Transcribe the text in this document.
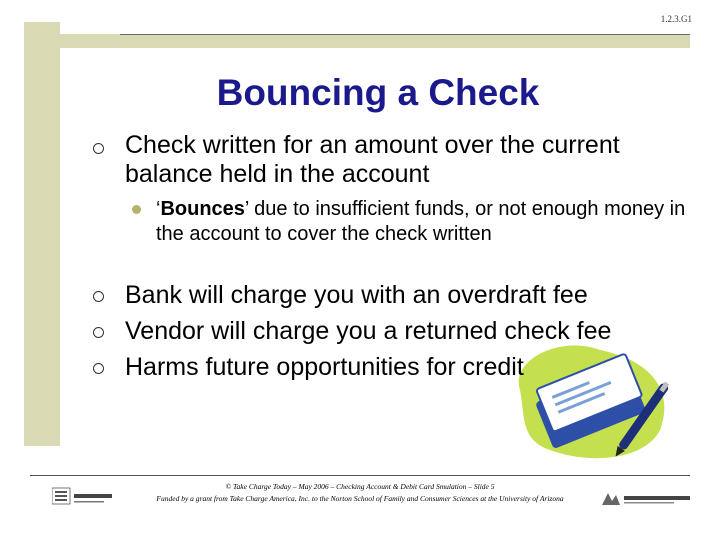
1.2.3.G1
Bouncing a Check
Check written for an amount over the current balance held in the account
‘Bounces’ due to insufficient funds, or not enough money in the account to cover the check written
Bank will charge you with an overdraft fee
Vendor will charge you a returned check fee
Harms future opportunities for credit
© Take Charge Today – May 2006 – Checking Account & Debit Card Smulation – Slide 5
Funded by a grant from Take Charge America, Inc. to the Norton School of Family and Consumer Sciences at the University of Arizona
